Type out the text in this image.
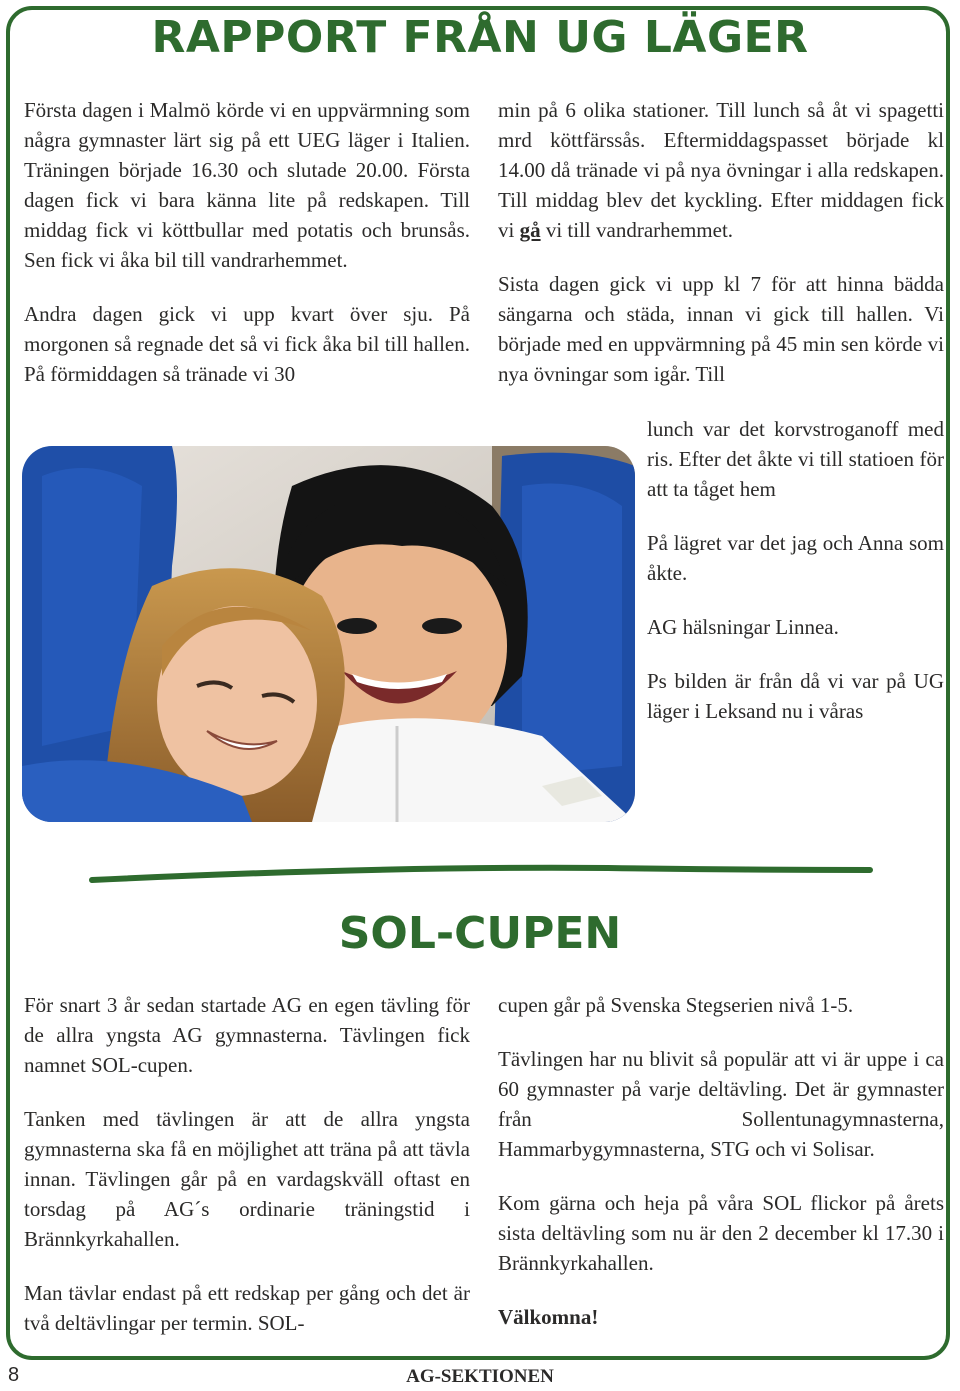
RAPPORT FRÅN UG LÄGER

Första dagen i Malmö körde vi en uppvärmning som några gymnaster lärt sig på ett UEG läger i Italien. Träningen började 16.30 och slutade 20.00. Första dagen fick vi bara känna lite på redskapen. Till middag fick vi köttbullar med potatis och brunsås. Sen fick vi åka bil till vandrarhemmet.

Andra dagen gick vi upp kvart över sju. På morgonen så regnade det så vi fick åka bil till hallen. På förmiddagen så tränade vi 30

min på 6 olika stationer. Till lunch så åt vi spagetti mrd köttfärssås. Eftermiddagspasset började kl 14.00 då tränade vi på nya övningar i alla redskapen. Till middag blev det kyckling. Efter middagen fick vi gå vi till vandrarhemmet.

Sista dagen gick vi upp kl 7 för att hinna bädda sängarna och städa, innan vi gick till hallen. Vi började med en uppvärmning på 45 min sen körde vi nya övningar som igår. Till

lunch var det korvstroganoff med ris. Efter det åkte vi till statioen för att ta tåget hem

På lägret var det jag och Anna som åkte.

AG hälsningar Linnea.

Ps bilden är från då vi var på UG läger i Leksand nu i våras

SOL-CUPEN

För snart 3 år sedan startade AG en egen tävling för de allra yngsta AG gymnasterna. Tävlingen fick namnet SOL-cupen.

Tanken med tävlingen är att de allra yngsta gymnasterna ska få en möjlighet att träna på att tävla innan. Tävlingen går på en vardagskväll oftast en torsdag på AG´s ordinarie träningstid i Brännkyrkahallen.

Man tävlar endast på ett redskap per gång och det är två deltävlingar per termin. SOL-

cupen går på Svenska Stegserien nivå 1-5.

Tävlingen har nu blivit så populär att vi är uppe i ca 60 gymnaster på varje deltävling. Det är gymnaster från Sollentunagymnasterna, Hammarbygymnasterna, STG och vi Solisar.

Kom gärna och heja på våra SOL flickor på årets sista deltävling som nu är den 2 december kl 17.30 i Brännkyrkahallen.

Välkomna!

8	AG-SEKTIONEN
